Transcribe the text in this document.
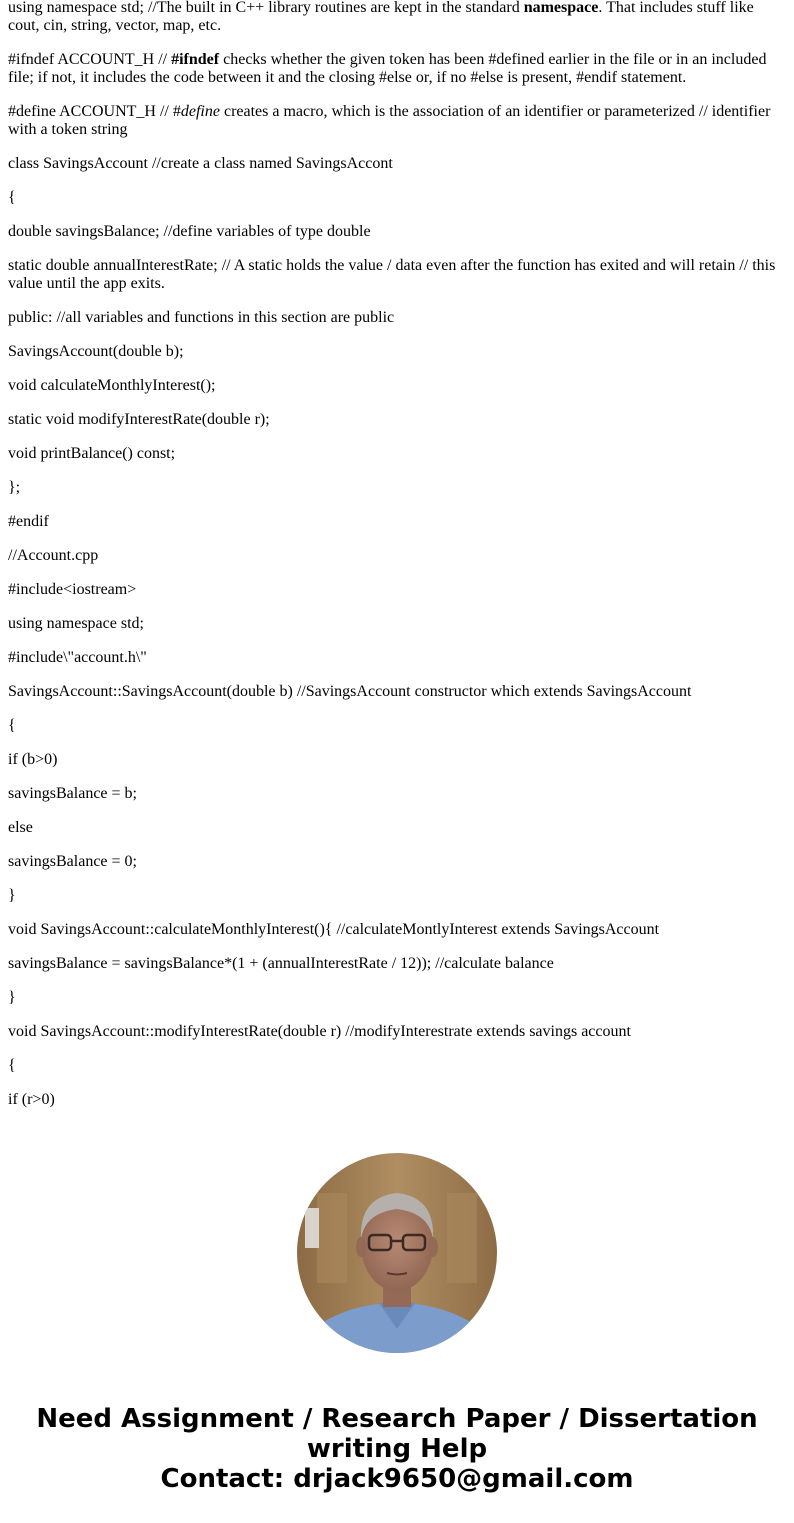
using namespace std; //The built in C++ library routines are kept in the standard namespace. That includes stuff like cout, cin, string, vector, map, etc.

#ifndef ACCOUNT_H // #ifndef checks whether the given token has been #defined earlier in the file or in an included file; if not, it includes the code between it and the closing #else or, if no #else is present, #endif statement.

#define ACCOUNT_H // #define creates a macro, which is the association of an identifier or parameterized // identifier with a token string

class SavingsAccount //create a class named SavingsAccont

{

double savingsBalance; //define variables of type double

static double annualInterestRate; // A static holds the value / data even after the function has exited and will retain // this value until the app exits.

public: //all variables and functions in this section are public

SavingsAccount(double b);

void calculateMonthlyInterest();

static void modifyInterestRate(double r);

void printBalance() const;

};

#endif

//Account.cpp

#include<iostream>

using namespace std;

#include\"account.h\"

SavingsAccount::SavingsAccount(double b) //SavingsAccount constructor which extends SavingsAccount

{

if (b>0)

savingsBalance = b;

else

savingsBalance = 0;

}

void SavingsAccount::calculateMonthlyInterest(){ //calculateMontlyInterest extends SavingsAccount

savingsBalance = savingsBalance*(1 + (annualInterestRate / 12)); //calculate balance

}

void SavingsAccount::modifyInterestRate(double r) //modifyInterestrate extends savings account

{

if (r>0)

Need Assignment / Research Paper / Dissertation
writing Help
Contact: drjack9650@gmail.com
